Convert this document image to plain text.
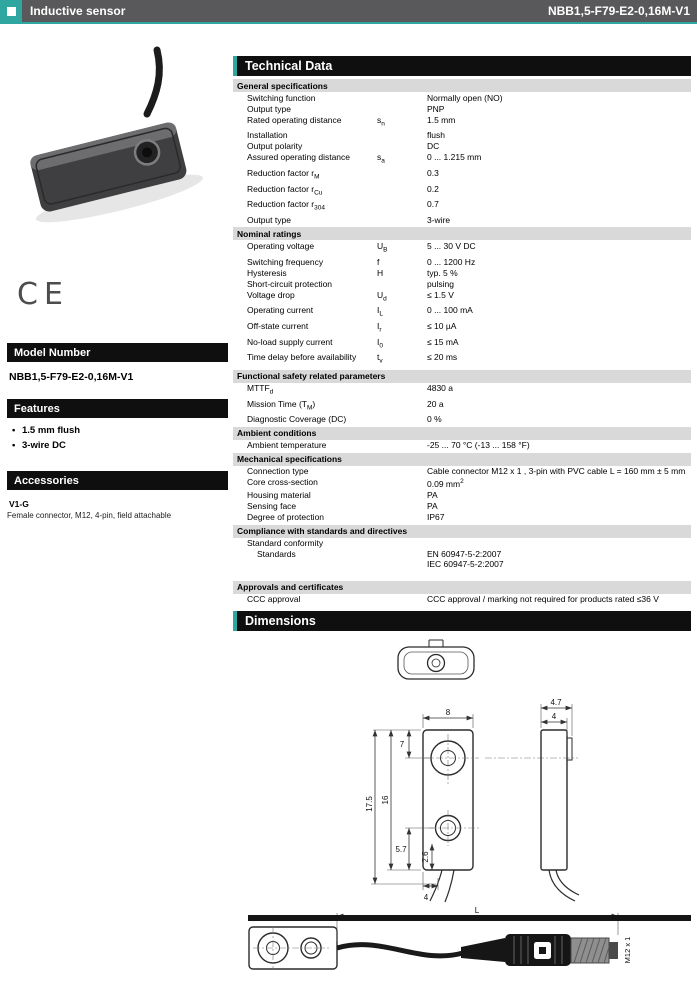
Inductive sensor	NBB1,5-F79-E2-0,16M-V1
CE
Model Number
NBB1,5-F79-E2-0,16M-V1
Features
• 1.5 mm flush
• 3-wire DC
Accessories
V1-G
Female connector, M12, 4-pin, field attachable
Technical Data
General specifications
Switching function	Normally open (NO)
Output type	PNP
Rated operating distance	$s_n$	1.5 mm
Installation	flush
Output polarity	DC
Assured operating distance	$s_a$	0 ... 1.215 mm
Reduction factor $r_M$	0.3
Reduction factor $r_{Cu}$	0.2
Reduction factor $r_{304}$	0.7
Output type	3-wire
Nominal ratings
Operating voltage	$U_B$	5 ... 30 V DC
Switching frequency	f	0 ... 1200 Hz
Hysteresis	H	typ. 5 %
Short-circuit protection	pulsing
Voltage drop	$U_d$	≤ 1.5 V
Operating current	$I_L$	0 ... 100 mA
Off-state current	$I_r$	≤ 10 µA
No-load supply current	$I_0$	≤ 15 mA
Time delay before availability	$t_v$	≤ 20 ms
Functional safety related parameters
$MTTF_d$	4830 a
Mission Time $(T_M)$	20 a
Diagnostic Coverage (DC)	0 %
Ambient conditions
Ambient temperature	-25 ... 70 °C (-13 ... 158 °F)
Mechanical specifications
Connection type	Cable connector M12 x 1 , 3-pin with PVC cable L = 160 mm ± 5 mm
Core cross-section	0.09 $mm^2$
Housing material	PA
Sensing face	PA
Degree of protection	IP67
Compliance with standards and directives
Standard conformity
Standards	EN 60947-5-2:2007
IEC 60947-5-2:2007
Approvals and certificates
CCC approval	CCC approval / marking not required for products rated ≤36 V
Dimensions
8
17.5 16
7
5.7
2.6
4.7
4
4
L
M12 x 1
